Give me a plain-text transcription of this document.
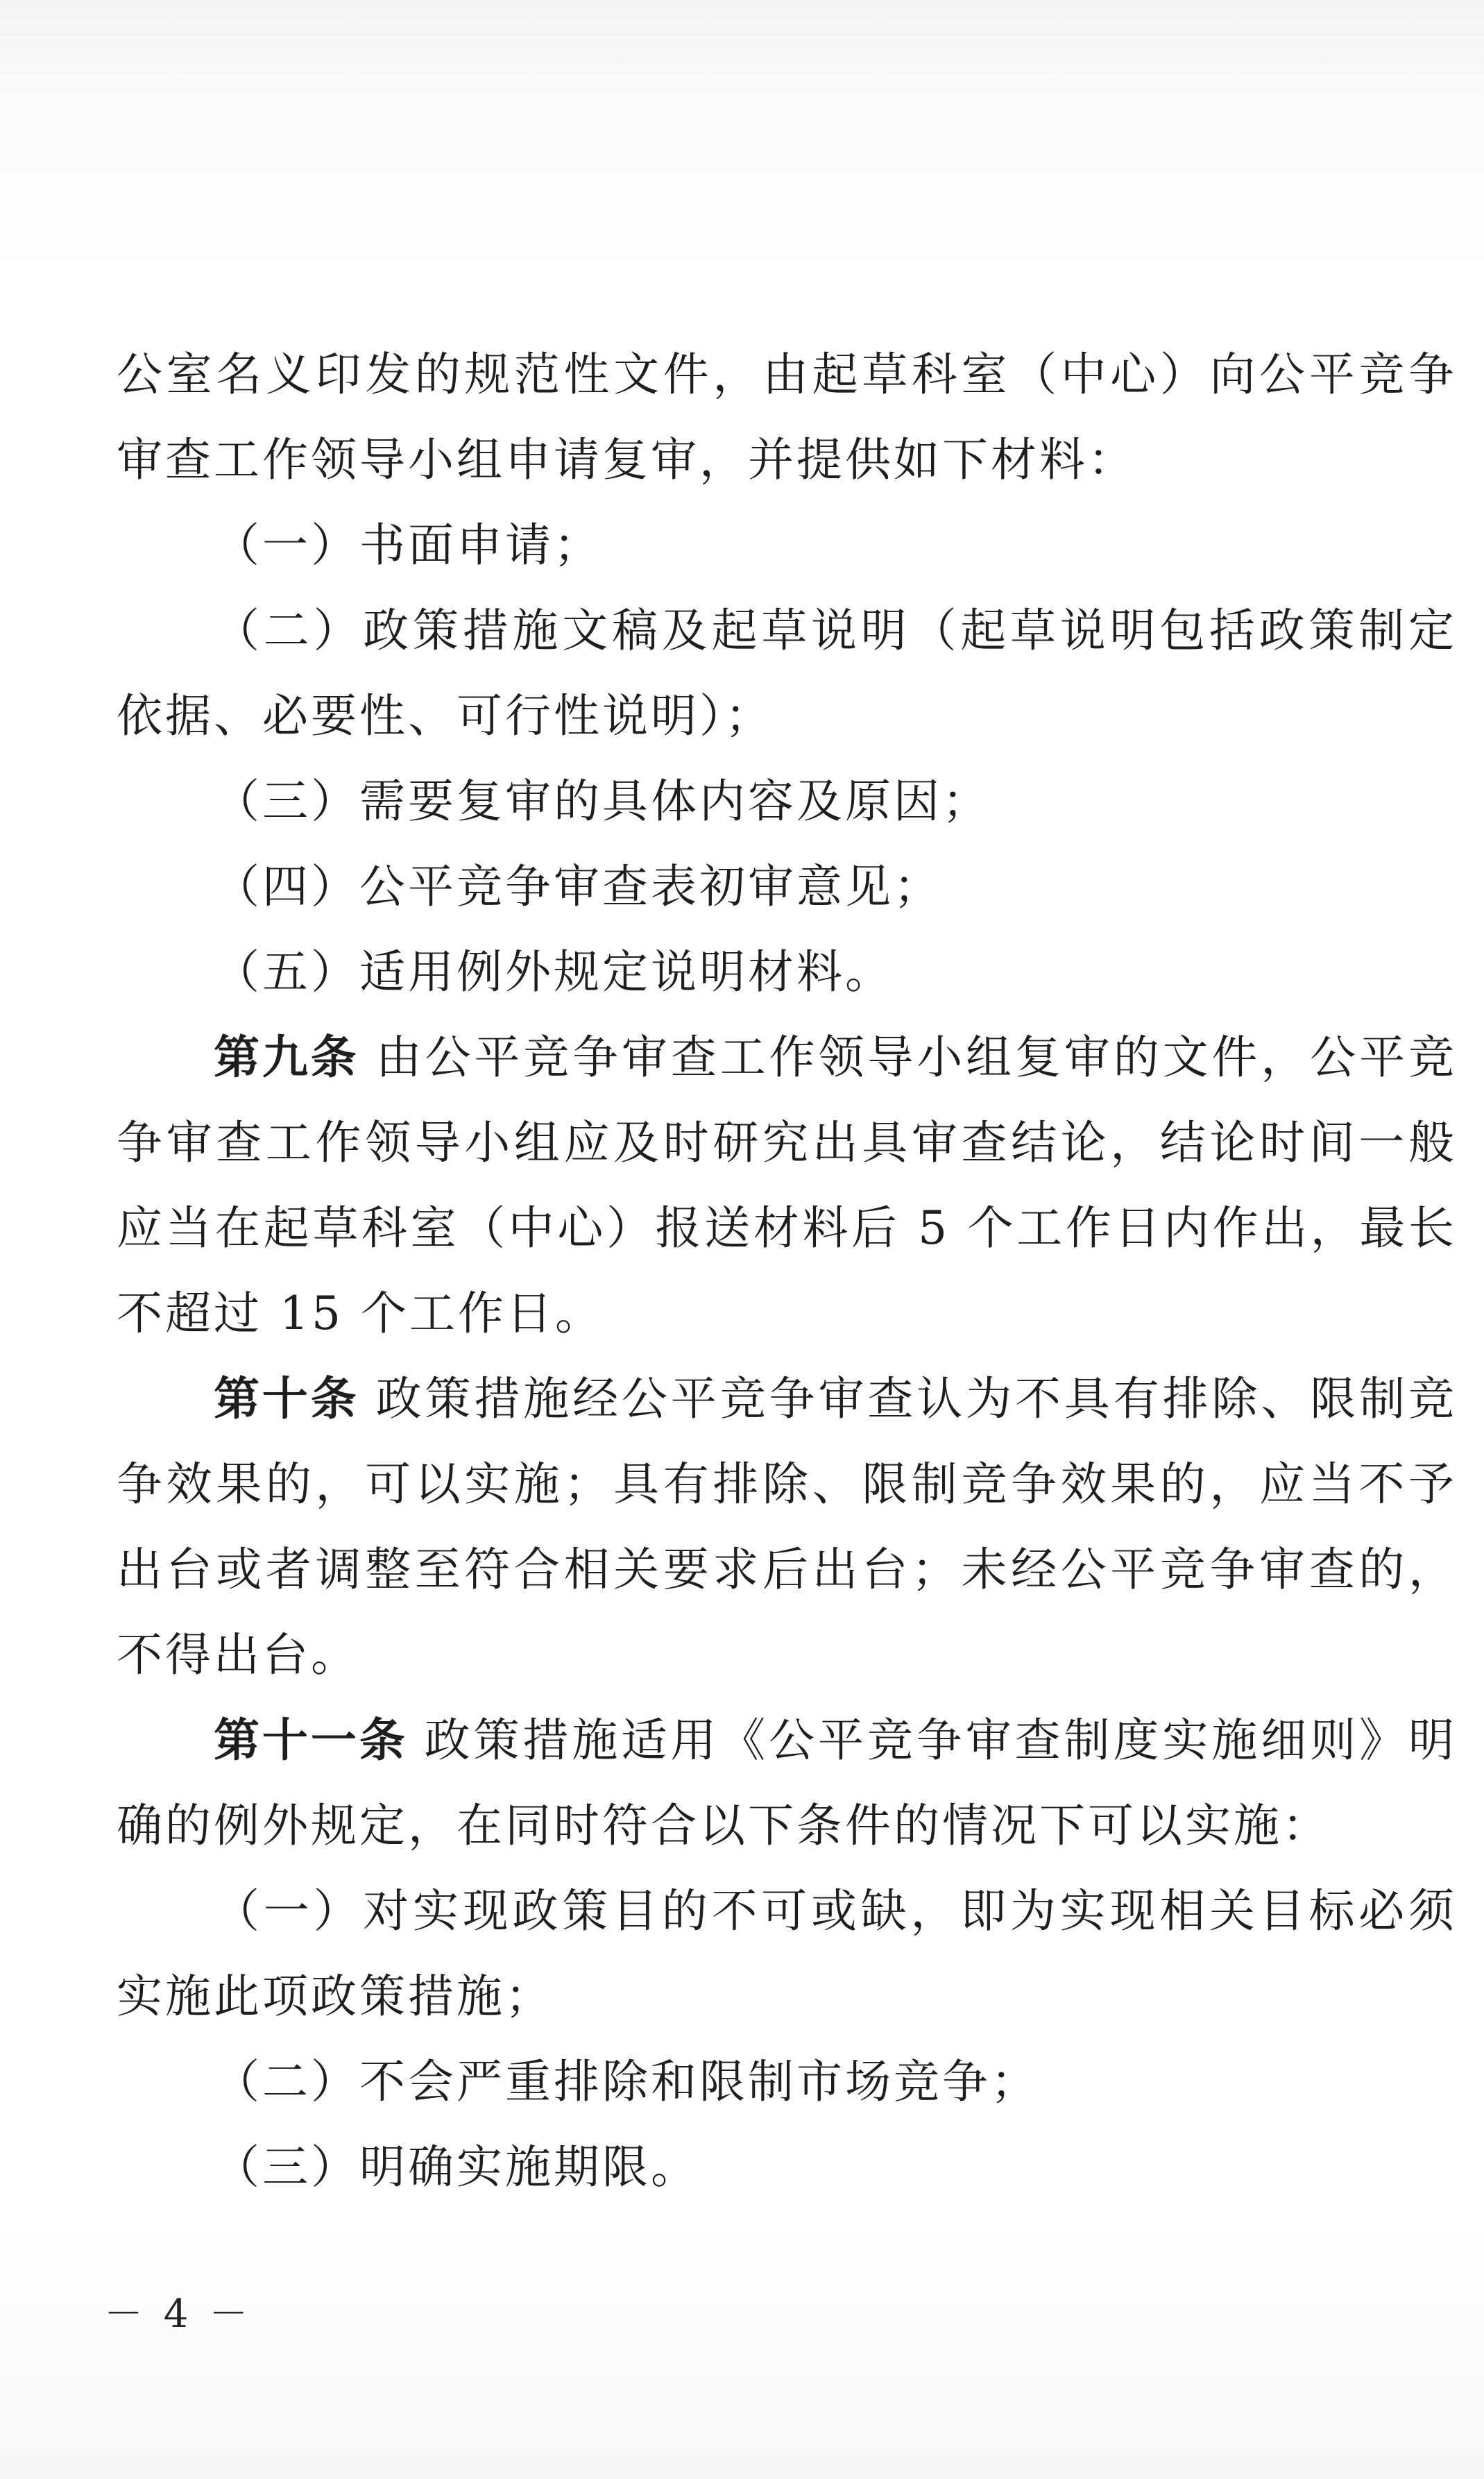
公室名义印发的规范性文件，由起草科室（中心）向公平竞争审查工作领导小组申请复审，并提供如下材料：

（一）书面申请；

（二）政策措施文稿及起草说明（起草说明包括政策制定依据、必要性、可行性说明）；

（三）需要复审的具体内容及原因；

（四）公平竞争审查表初审意见；

（五）适用例外规定说明材料。

第九条 由公平竞争审查工作领导小组复审的文件，公平竞争审查工作领导小组应及时研究出具审查结论，结论时间一般应当在起草科室（中心）报送材料后 5 个工作日内作出，最长不超过 15 个工作日。

第十条 政策措施经公平竞争审查认为不具有排除、限制竞争效果的，可以实施；具有排除、限制竞争效果的，应当不予出台或者调整至符合相关要求后出台；未经公平竞争审查的，不得出台。

第十一条 政策措施适用《公平竞争审查制度实施细则》明确的例外规定，在同时符合以下条件的情况下可以实施：

（一）对实现政策目的不可或缺，即为实现相关目标必须实施此项政策措施；

（二）不会严重排除和限制市场竞争；

（三）明确实施期限。

－ 4 －
